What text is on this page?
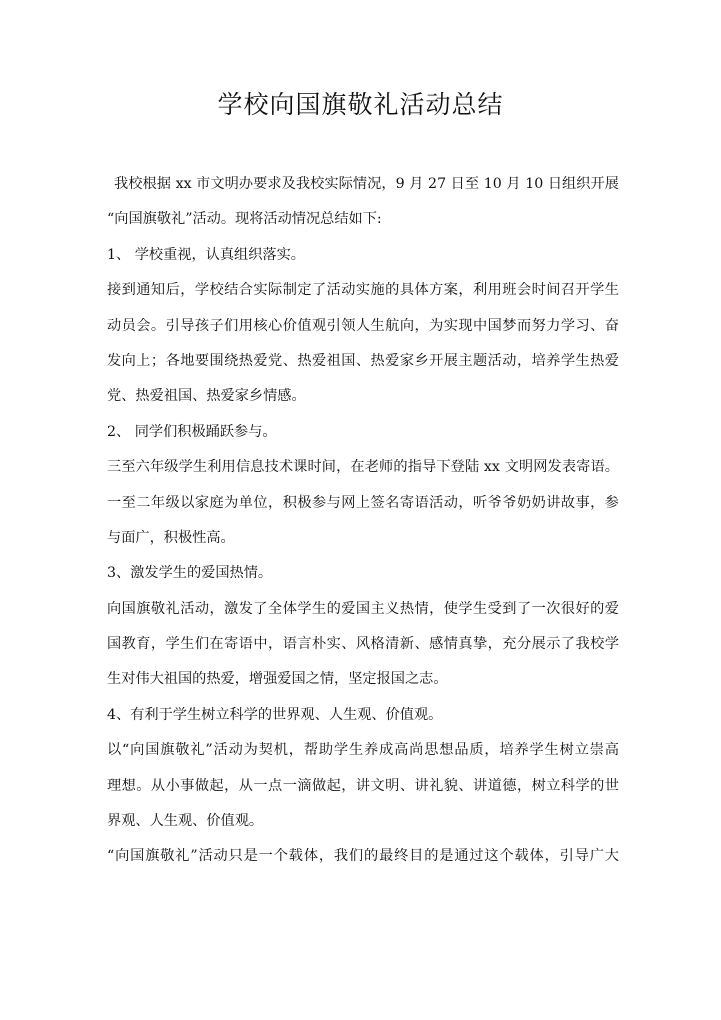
学校向国旗敬礼活动总结
我校根据 xx 市文明办要求及我校实际情况，9 月 27 日至 10 月 10 日组织开展
“向国旗敬礼”活动。现将活动情况总结如下:
1、 学校重视，认真组织落实。
接到通知后，学校结合实际制定了活动实施的具体方案，利用班会时间召开学生
动员会。引导孩子们用核心价值观引领人生航向，为实现中国梦而努力学习、奋
发向上；各地要围绕热爱党、热爱祖国、热爱家乡开展主题活动，培养学生热爱
党、热爱祖国、热爱家乡情感。
2、 同学们积极踊跃参与。
三至六年级学生利用信息技术课时间，在老师的指导下登陆 xx 文明网发表寄语。
一至二年级以家庭为单位，积极参与网上签名寄语活动，听爷爷奶奶讲故事，参
与面广，积极性高。
3、激发学生的爱国热情。
向国旗敬礼活动，激发了全体学生的爱国主义热情，使学生受到了一次很好的爱
国教育，学生们在寄语中，语言朴实、风格清新、感情真挚，充分展示了我校学
生对伟大祖国的热爱，增强爱国之情，坚定报国之志。
4、有利于学生树立科学的世界观、人生观、价值观。
以“向国旗敬礼”活动为契机，帮助学生养成高尚思想品质，培养学生树立崇高
理想。从小事做起，从一点一滴做起，讲文明、讲礼貌、讲道德，树立科学的世
界观、人生观、价值观。
“向国旗敬礼”活动只是一个载体，我们的最终目的是通过这个载体，引导广大
